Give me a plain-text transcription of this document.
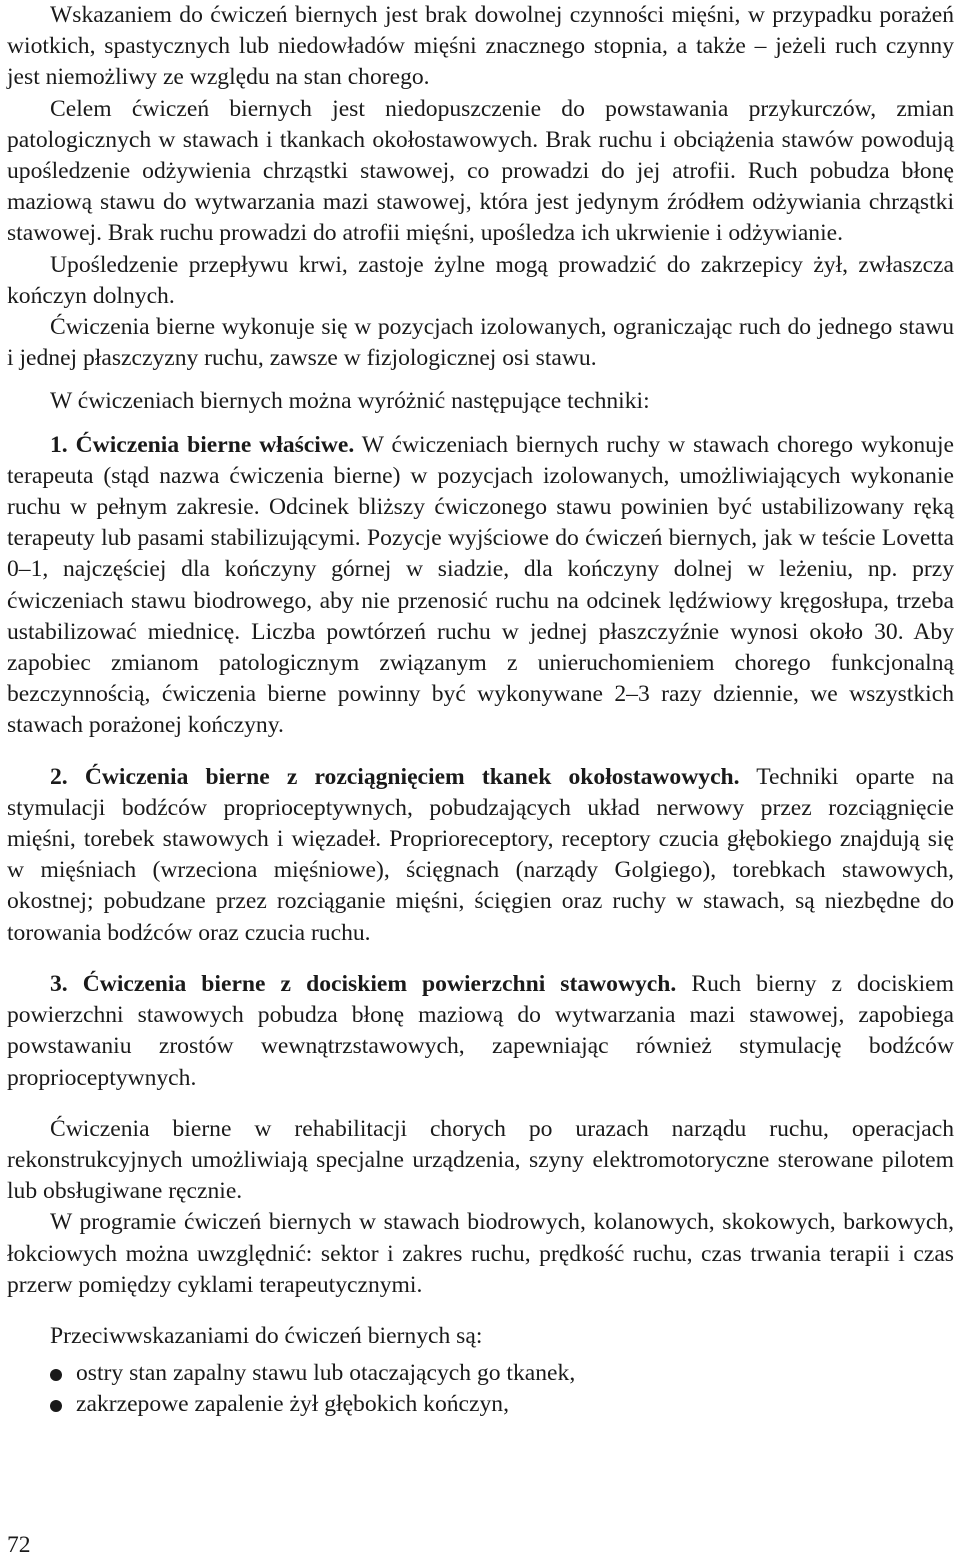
Wskazaniem do ćwiczeń biernych jest brak dowolnej czynności mięśni, w przypadku porażeń wiotkich, spastycznych lub niedowładów mięśni znacznego stopnia, a także – jeżeli ruch czynny jest niemożliwy ze względu na stan chorego.

Celem ćwiczeń biernych jest niedopuszczenie do powstawania przykurczów, zmian patologicznych w stawach i tkankach okołostawowych. Brak ruchu i obciążenia stawów powodują upośledzenie odżywienia chrząstki stawowej, co prowadzi do jej atrofii. Ruch pobudza błonę maziową stawu do wytwarzania mazi stawowej, która jest jedynym źródłem odżywiania chrząstki stawowej. Brak ruchu prowadzi do atrofii mięśni, upośledza ich ukrwienie i odżywianie.

Upośledzenie przepływu krwi, zastoje żylne mogą prowadzić do zakrzepicy żył, zwłaszcza kończyn dolnych.

Ćwiczenia bierne wykonuje się w pozycjach izolowanych, ograniczając ruch do jednego stawu i jednej płaszczyzny ruchu, zawsze w fizjologicznej osi stawu.

W ćwiczeniach biernych można wyróżnić następujące techniki:

1. Ćwiczenia bierne właściwe. W ćwiczeniach biernych ruchy w stawach chorego wykonuje terapeuta (stąd nazwa ćwiczenia bierne) w pozycjach izolowanych, umożliwiających wykonanie ruchu w pełnym zakresie. Odcinek bliższy ćwiczonego stawu powinien być ustabilizowany ręką terapeuty lub pasami stabilizującymi. Pozycje wyjściowe do ćwiczeń biernych, jak w teście Lovetta 0–1, najczęściej dla kończyny górnej w siadzie, dla kończyny dolnej w leżeniu, np. przy ćwiczeniach stawu biodrowego, aby nie przenosić ruchu na odcinek lędźwiowy kręgosłupa, trzeba ustabilizować miednicę. Liczba powtórzeń ruchu w jednej płaszczyźnie wynosi około 30. Aby zapobiec zmianom patologicznym związanym z unieruchomieniem chorego funkcjonalną bezczynnością, ćwiczenia bierne powinny być wykonywane 2–3 razy dziennie, we wszystkich stawach porażonej kończyny.

2. Ćwiczenia bierne z rozciągnięciem tkanek okołostawowych. Techniki oparte na stymulacji bodźców proprioceptywnych, pobudzających układ nerwowy przez rozciągnięcie mięśni, torebek stawowych i więzadeł. Proprioreceptory, receptory czucia głębokiego znajdują się w mięśniach (wrzeciona mięśniowe), ścięgnach (narządy Golgiego), torebkach stawowych, okostnej; pobudzane przez rozciąganie mięśni, ścięgien oraz ruchy w stawach, są niezbędne do torowania bodźców oraz czucia ruchu.

3. Ćwiczenia bierne z dociskiem powierzchni stawowych. Ruch bierny z dociskiem powierzchni stawowych pobudza błonę maziową do wytwarzania mazi stawowej, zapobiega powstawaniu zrostów wewnątrzstawowych, zapewniając również stymulację bodźców proprioceptywnych.

Ćwiczenia bierne w rehabilitacji chorych po urazach narządu ruchu, operacjach rekonstrukcyjnych umożliwiają specjalne urządzenia, szyny elektromotoryczne sterowane pilotem lub obsługiwane ręcznie.

W programie ćwiczeń biernych w stawach biodrowych, kolanowych, skokowych, barkowych, łokciowych można uwzględnić: sektor i zakres ruchu, prędkość ruchu, czas trwania terapii i czas przerw pomiędzy cyklami terapeutycznymi.

Przeciwwskazaniami do ćwiczeń biernych są:

ostry stan zapalny stawu lub otaczających go tkanek,
zakrzepowe zapalenie żył głębokich kończyn,
72
